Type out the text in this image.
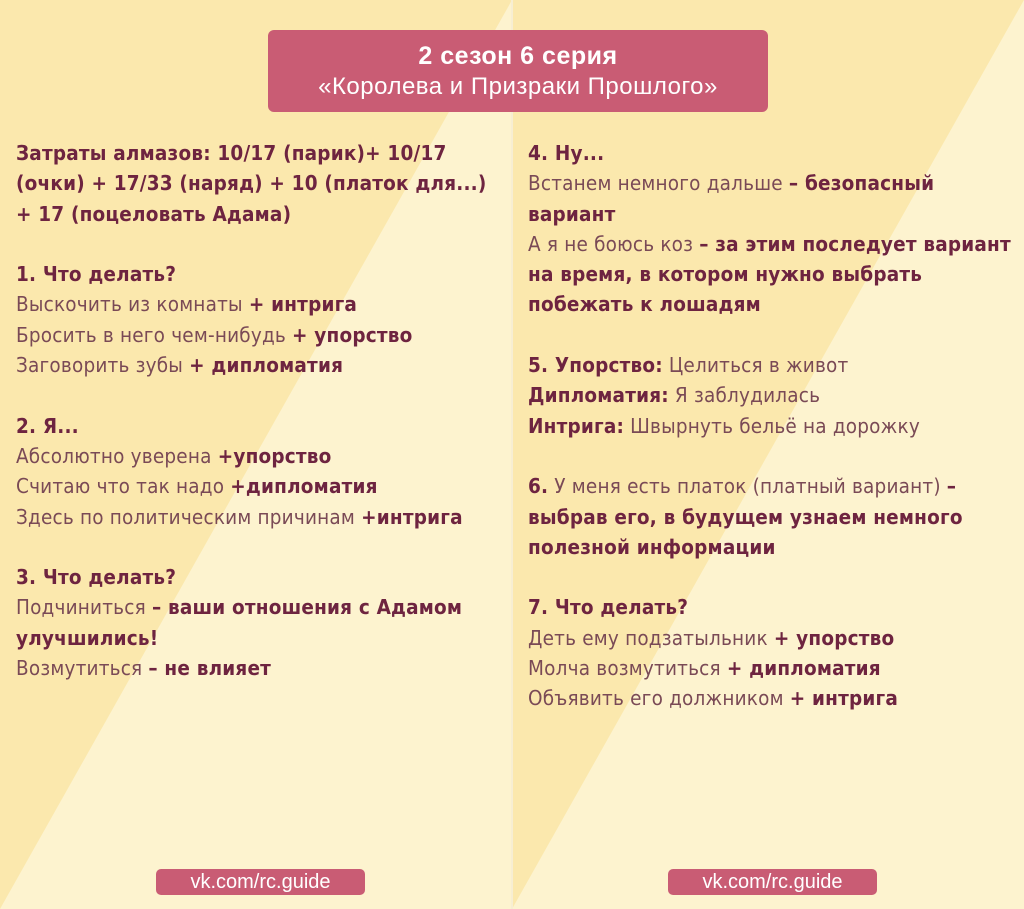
2 сезон 6 серия
«Королева и Призраки Прошлого»
Затраты алмазов: 10/17 (парик)+ 10/17 (очки) + 17/33 (наряд) + 10 (платок для...) + 17 (поцеловать Адама)
1. Что делать?
Выскочить из комнаты + интрига
Бросить в него чем-нибудь + упорство
Заговорить зубы + дипломатия
2. Я...
Абсолютно уверена +упорство
Считаю что так надо +дипломатия
Здесь по политическим причинам +интрига
3. Что делать?
Подчиниться – ваши отношения с Адамом улучшились!
Возмутиться – не влияет
4. Ну...
Встанем немного дальше – безопасный вариант
А я не боюсь коз – за этим последует вариант на время, в котором нужно выбрать побежать к лошадям
5. Упорство: Целиться в живот
Дипломатия: Я заблудилась
Интрига: Швырнуть бельё на дорожку
6. У меня есть платок (платный вариант) – выбрав его, в будущем узнаем немного полезной информации
7. Что делать?
Деть ему подзатыльник + упорство
Молча возмутиться + дипломатия
Объявить его должником + интрига
vk.com/rc.guide	vk.com/rc.guide
